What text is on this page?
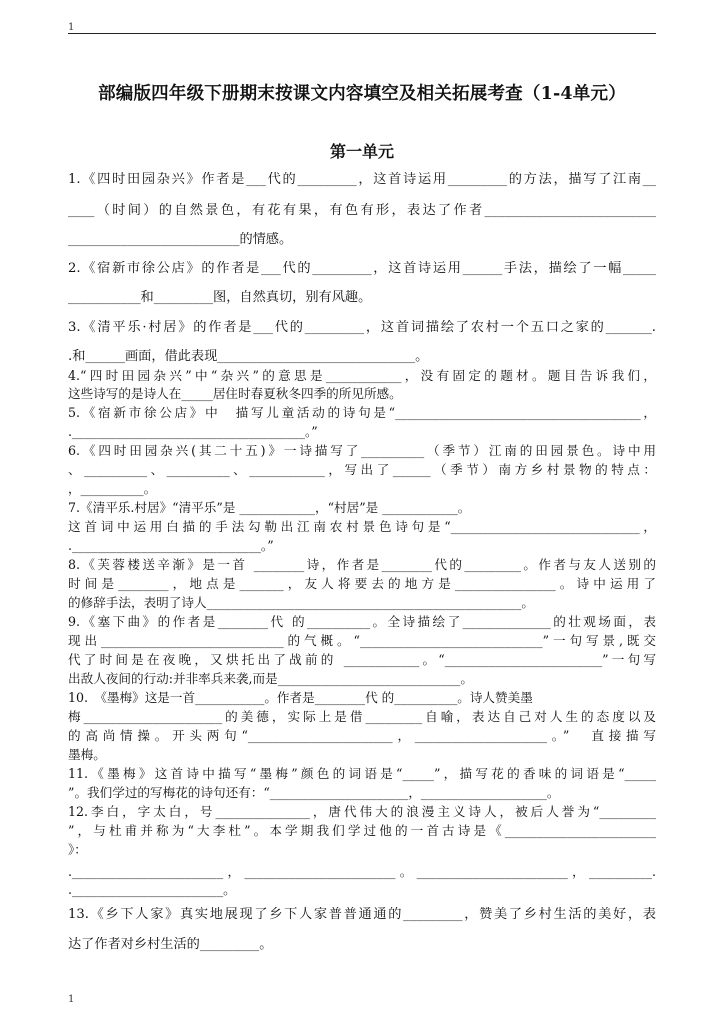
1
部编版四年级下册期末按课文内容填空及相关拓展考查（1-4单元）
第一单元
1.《四时田园杂兴》作者是___代的_________，这首诗运用_________的方法，描写了江南__
____（时间）的自然景色，有花有果，有色有形，表达了作者__________________________
__________________________的情感。
2.《宿新市徐公店》的作者是___代的_________，这首诗运用______手法，描绘了一幅_____
___________和_________图，自然真切，别有风趣。
3.《清平乐·村居》的作者是___代的_________，这首词描绘了农村一个五口之家的_______.
.和______画面，借此表现______________________________。
4.“四时田园杂兴”中“杂兴”的意思是____________，没有固定的题材。题目告诉我们，
这些诗写的是诗人在_____居住时春夏秋冬四季的所见所感。
5.《宿新市徐公店》中　描写儿童活动的诗句是“_______________________________________，
._____________________________________。”
6.《四时田园杂兴(其二十五)》一诗描写了__________（季节）江南的田园景色。诗中用
、__________、__________、____________，写出了______（季节）南方乡村景物的特点：
，__________。
7.《清平乐.村居》“清平乐”是 ____________，“村居”是 ____________。
这首词中运用白描的手法勾勒出江南农村景色诗句是“______________________________，
.______________________________。”
8.《芙蓉楼送辛渐》是一首 ________诗，作者是________代的_________。作者与友人送别的
时间是________，地点是_______，友人将要去的地方是________________。诗中运用了
的修辞手法，表明了诗人__________________________________________________。
9.《塞下曲》的作者是________代 的__________。全诗描绘了______________的壮观场面，表
现出_____________________________的气概。“_____________________________”一句写景,既交
代了时间是在夜晚，又烘托出了战前的 ____________。“_________________________”一句写
出敌人夜间的行动:并非率兵来袭,而是_____________________________。
10.　《墨梅》这是一首___________。作者是________代 的__________。诗人赞美墨
梅______________________的美德，实际上是借_________自喻，表达自己对人生的态度以及
的高尚情操。开头两句“_______________________，_____________________。”　直接描写
墨梅。
11.《墨梅》这首诗中描写“墨梅”颜色的词语是“_____”，描写花的香味的词语是“_____
”。我们学过的写梅花的诗句还有：“______________________，____________________。
12.李白，字太白，号_______________，唐代伟大的浪漫主义诗人，被后人誉为“_________
”，与杜甫并称为“大李杜”。本学期我们学过他的一首古诗是《________________________
》：
.________________________，________________________。________________________，__________.
.________________________。
13.《乡下人家》真实地展现了乡下人家普普通通的_________，赞美了乡村生活的美好，表
达了作者对乡村生活的_________。
1
